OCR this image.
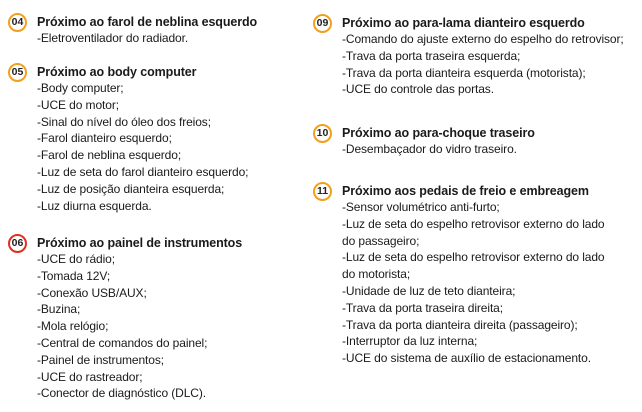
04 Próximo ao farol de neblina esquerdo
-Eletroventilador do radiador.
05 Próximo ao body computer
-Body computer;
-UCE do motor;
-Sinal do nível do óleo dos freios;
-Farol dianteiro esquerdo;
-Farol de neblina esquerdo;
-Luz de seta do farol dianteiro esquerdo;
-Luz de posição dianteira esquerda;
-Luz diurna esquerda.
06 Próximo ao painel de instrumentos
-UCE do rádio;
-Tomada 12V;
-Conexão USB/AUX;
-Buzina;
-Mola relógio;
-Central de comandos do painel;
-Painel de instrumentos;
-UCE do rastreador;
-Conector de diagnóstico (DLC).
09 Próximo ao para-lama dianteiro esquerdo
-Comando do ajuste externo do espelho do retrovisor;
-Trava da porta traseira esquerda;
-Trava da porta dianteira esquerda (motorista);
-UCE do controle das portas.
10 Próximo ao para-choque traseiro
-Desembaçador do vidro traseiro.
11	Próximo aos pedais de freio e embreagem
-Sensor volumétrico anti-furto;
-Luz de seta do espelho retrovisor externo do lado
do passageiro;
-Luz de seta do espelho retrovisor externo do lado
do motorista;
-Unidade de luz de teto dianteira;
-Trava da porta traseira direita;
-Trava da porta dianteira direita (passageiro);
-Interruptor da luz interna;
-UCE do sistema de auxílio de estacionamento.
